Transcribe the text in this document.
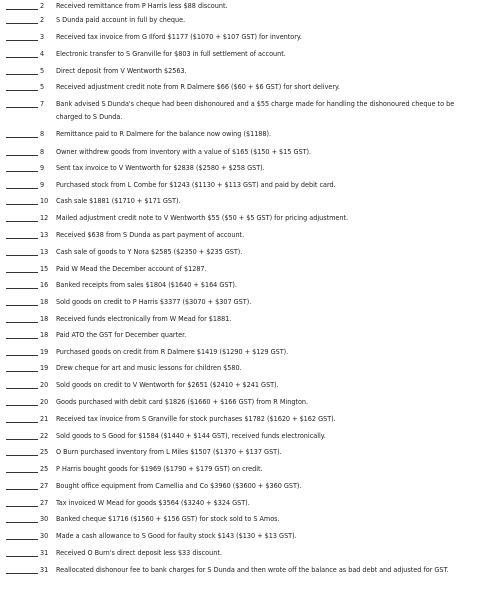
2	Received remittance from P Harris less $88 discount.
2	S Dunda paid account in full by cheque.
3	Received tax invoice from G Ilford $1177 ($1070 + $107 GST) for inventory.
4	Electronic transfer to S Granville for $803 in full settlement of account.
5	Direct deposit from V Wentworth $2563.
5	Received adjustment credit note from R Dalmere $66 ($60 + $6 GST) for short delivery.
7	Bank advised S Dunda's cheque had been dishonoured and a $55 charge made for handling the dishonoured cheque to be charged to S Dunda.
8	Remittance paid to R Dalmere for the balance now owing ($1188).
8	Owner withdrew goods from inventory with a value of $165 ($150 + $15 GST).
9	Sent tax invoice to V Wentworth for $2838 ($2580 + $258 GST).
9	Purchased stock from L Combe for $1243 ($1130 + $113 GST) and paid by debit card.
10	Cash sale $1881 ($1710 + $171 GST).
12	Mailed adjustment credit note to V Wentworth $55 ($50 + $5 GST) for pricing adjustment.
13	Received $638 from S Dunda as part payment of account.
13	Cash sale of goods to Y Nora $2585 ($2350 + $235 GST).
15	Paid W Mead the December account of $1287.
16	Banked receipts from sales $1804 ($1640 + $164 GST).
18	Sold goods on credit to P Harris $3377 ($3070 + $307 GST).
18	Received funds electronically from W Mead for $1881.
18	Paid ATO the GST for December quarter.
19	Purchased goods on credit from R Dalmere $1419 ($1290 + $129 GST).
19	Drew cheque for art and music lessons for children $580.
20	Sold goods on credit to V Wentworth for $2651 ($2410 + $241 GST).
20	Goods purchased with debit card $1826 ($1660 + $166 GST) from R Mington.
21	Received tax invoice from S Granville for stock purchases $1782 ($1620 + $162 GST).
22	Sold goods to S Good for $1584 ($1440 + $144 GST), received funds electronically.
25	O Burn purchased inventory from L Miles $1507 ($1370 + $137 GST).
25	P Harris bought goods for $1969 ($1790 + $179 GST) on credit.
27	Bought office equipment from Camellia and Co $3960 ($3600 + $360 GST).
27	Tax invoiced W Mead for goods $3564 ($3240 + $324 GST).
30	Banked cheque $1716 ($1560 + $156 GST) for stock sold to S Amos.
30	Made a cash allowance to S Good for faulty stock $143 ($130 + $13 GST).
31	Received O Burn's direct deposit less $33 discount.
31	Reallocated dishonour fee to bank charges for S Dunda and then wrote off the balance as bad debt and adjusted for GST.
